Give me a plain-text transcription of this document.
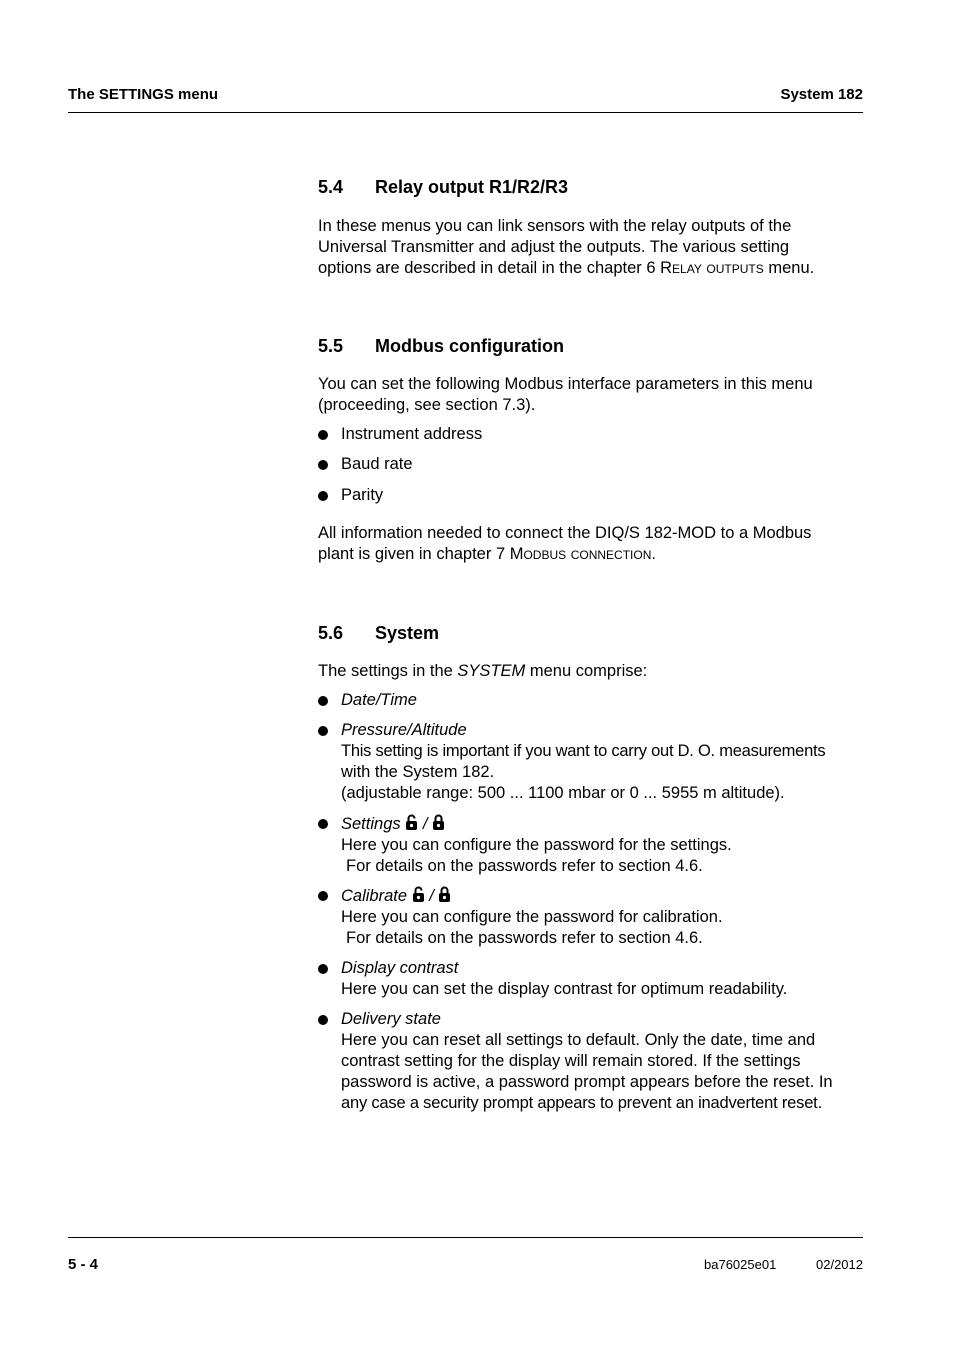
The SETTINGS menu	System 182
5.4 Relay output R1/R2/R3
In these menus you can link sensors with the relay outputs of the
Universal Transmitter and adjust the outputs. The various setting
options are described in detail in the chapter 6 Relay outputs menu.
5.5 Modbus configuration
You can set the following Modbus interface parameters in this menu
(proceeding, see section 7.3).
Instrument address
Baud rate
Parity
All information needed to connect the DIQ/S 182-MOD to a Modbus
plant is given in chapter 7 Modbus connection.
5.6 System
The settings in the SYSTEM menu comprise:
Date/Time
Pressure/Altitude
This setting is important if you want to carry out D. O. measurements
with the System 182.
(adjustable range: 500 ... 1100 mbar or 0 ... 5955 m altitude).
Settings /
Here you can configure the password for the settings.
For details on the passwords refer to section 4.6.
Calibrate /
Here you can configure the password for calibration.
For details on the passwords refer to section 4.6.
Display contrast
Here you can set the display contrast for optimum readability.
Delivery state
Here you can reset all settings to default. Only the date, time and
contrast setting for the display will remain stored. If the settings
password is active, a password prompt appears before the reset. In
any case a security prompt appears to prevent an inadvertent reset.
5 - 4	ba76025e01	02/2012
